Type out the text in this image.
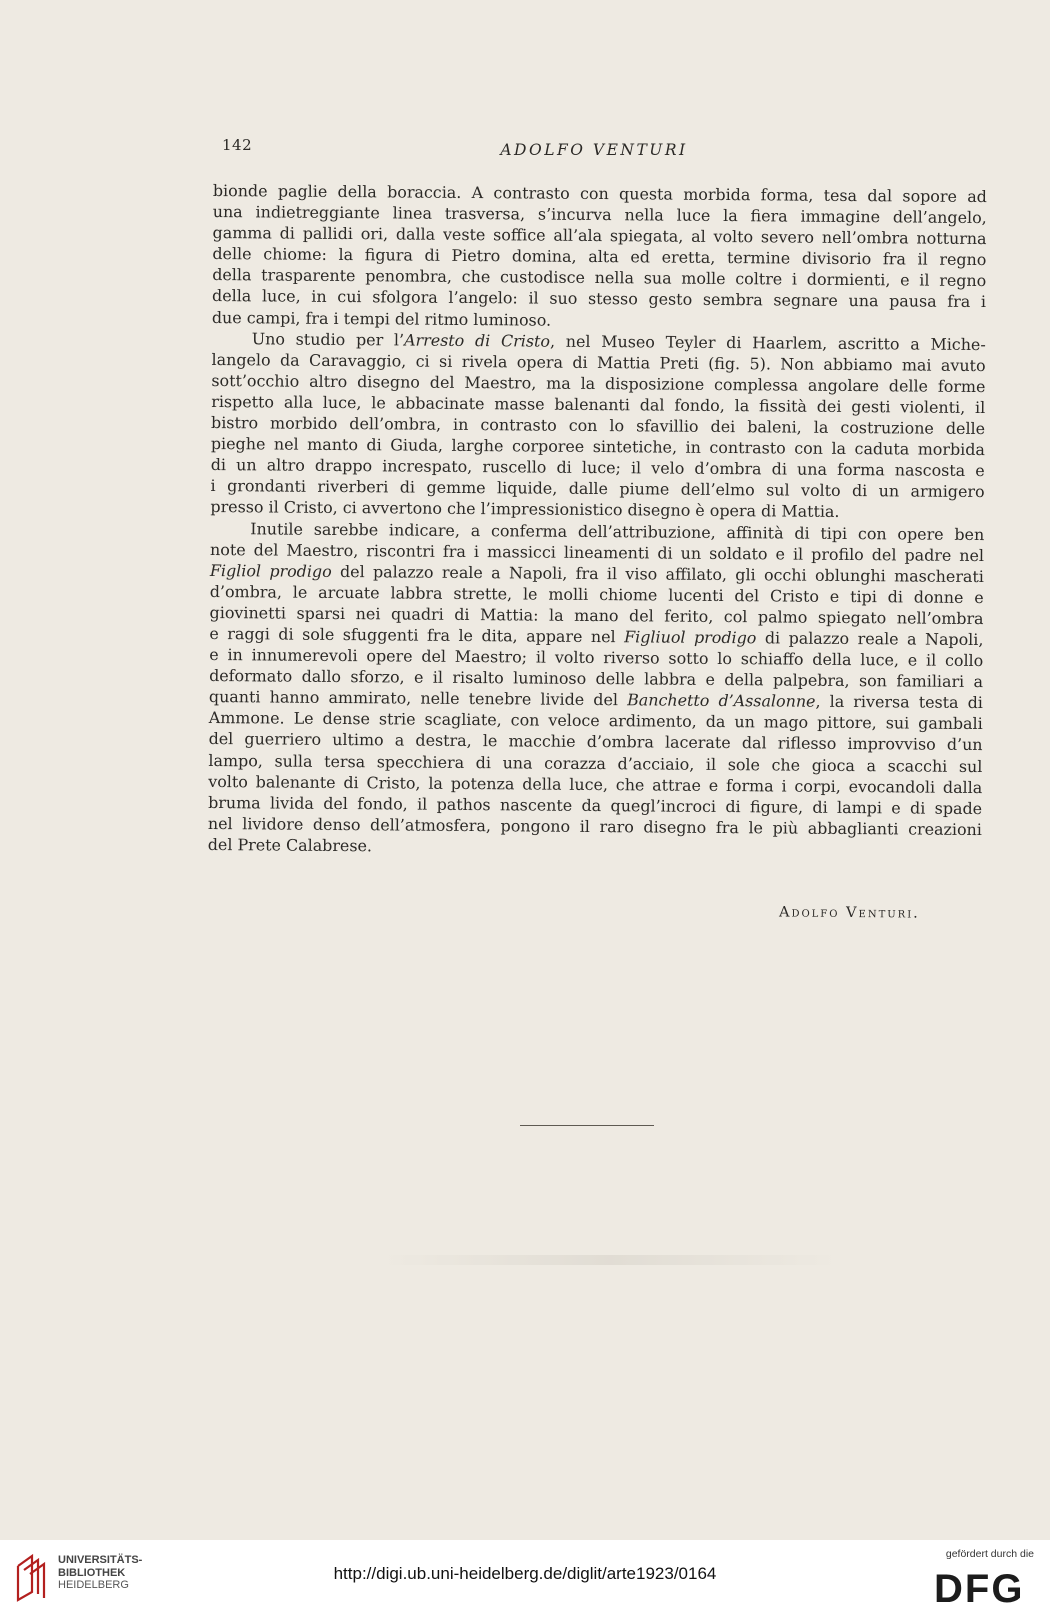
142	ADOLFO VENTURI
bionde paglie della boraccia. A contrasto con questa morbida forma, tesa dal sopore ad
una indietreggiante linea trasversa, s’incurva nella luce la fiera immagine dell’angelo,
gamma di pallidi ori, dalla veste soffice all’ala spiegata, al volto severo nell’ombra notturna
delle chiome: la figura di Pietro domina, alta ed eretta, termine divisorio fra il regno
della trasparente penombra, che custodisce nella sua molle coltre i dormienti, e il regno
della luce, in cui sfolgora l’angelo: il suo stesso gesto sembra segnare una pausa fra i
due campi, fra i tempi del ritmo luminoso.
Uno studio per l’Arresto di Cristo, nel Museo Teyler di Haarlem, ascritto a Miche-
langelo da Caravaggio, ci si rivela opera di Mattia Preti (fig. 5). Non abbiamo mai avuto
sott’occhio altro disegno del Maestro, ma la disposizione complessa angolare delle forme
rispetto alla luce, le abbacinate masse balenanti dal fondo, la fissità dei gesti violenti, il
bistro morbido dell’ombra, in contrasto con lo sfavillio dei baleni, la costruzione delle
pieghe nel manto di Giuda, larghe corporee sintetiche, in contrasto con la caduta morbida
di un altro drappo increspato, ruscello di luce; il velo d’ombra di una forma nascosta e
i grondanti riverberi di gemme liquide, dalle piume dell’elmo sul volto di un armigero
presso il Cristo, ci avvertono che l’impressionistico disegno è opera di Mattia.
Inutile sarebbe indicare, a conferma dell’attribuzione, affinità di tipi con opere ben
note del Maestro, riscontri fra i massicci lineamenti di un soldato e il profilo del padre nel
Figliol prodigo del palazzo reale a Napoli, fra il viso affilato, gli occhi oblunghi mascherati
d’ombra, le arcuate labbra strette, le molli chiome lucenti del Cristo e tipi di donne e
giovinetti sparsi nei quadri di Mattia: la mano del ferito, col palmo spiegato nell’ombra
e raggi di sole sfuggenti fra le dita, appare nel Figliuol prodigo di palazzo reale a Napoli,
e in innumerevoli opere del Maestro; il volto riverso sotto lo schiaffo della luce, e il collo
deformato dallo sforzo, e il risalto luminoso delle labbra e della palpebra, son familiari a
quanti hanno ammirato, nelle tenebre livide del Banchetto d’Assalonne, la riversa testa di
Ammone. Le dense strie scagliate, con veloce ardimento, da un mago pittore, sui gambali
del guerriero ultimo a destra, le macchie d’ombra lacerate dal riflesso improvviso d’un
lampo, sulla tersa specchiera di una corazza d’acciaio, il sole che gioca a scacchi sul
volto balenante di Cristo, la potenza della luce, che attrae e forma i corpi, evocandoli dalla
bruma livida del fondo, il pathos nascente da quegl’incroci di figure, di lampi e di spade
nel lividore denso dell’atmosfera, pongono il raro disegno fra le più abbaglianti creazioni
del Prete Calabrese.
Adolfo Venturi.
UNIVERSITÄTS-
BIBLIOTHEK
HEIDELBERG
http://digi.ub.uni-heidelberg.de/diglit/arte1923/0164
gefördert durch die
DFG
